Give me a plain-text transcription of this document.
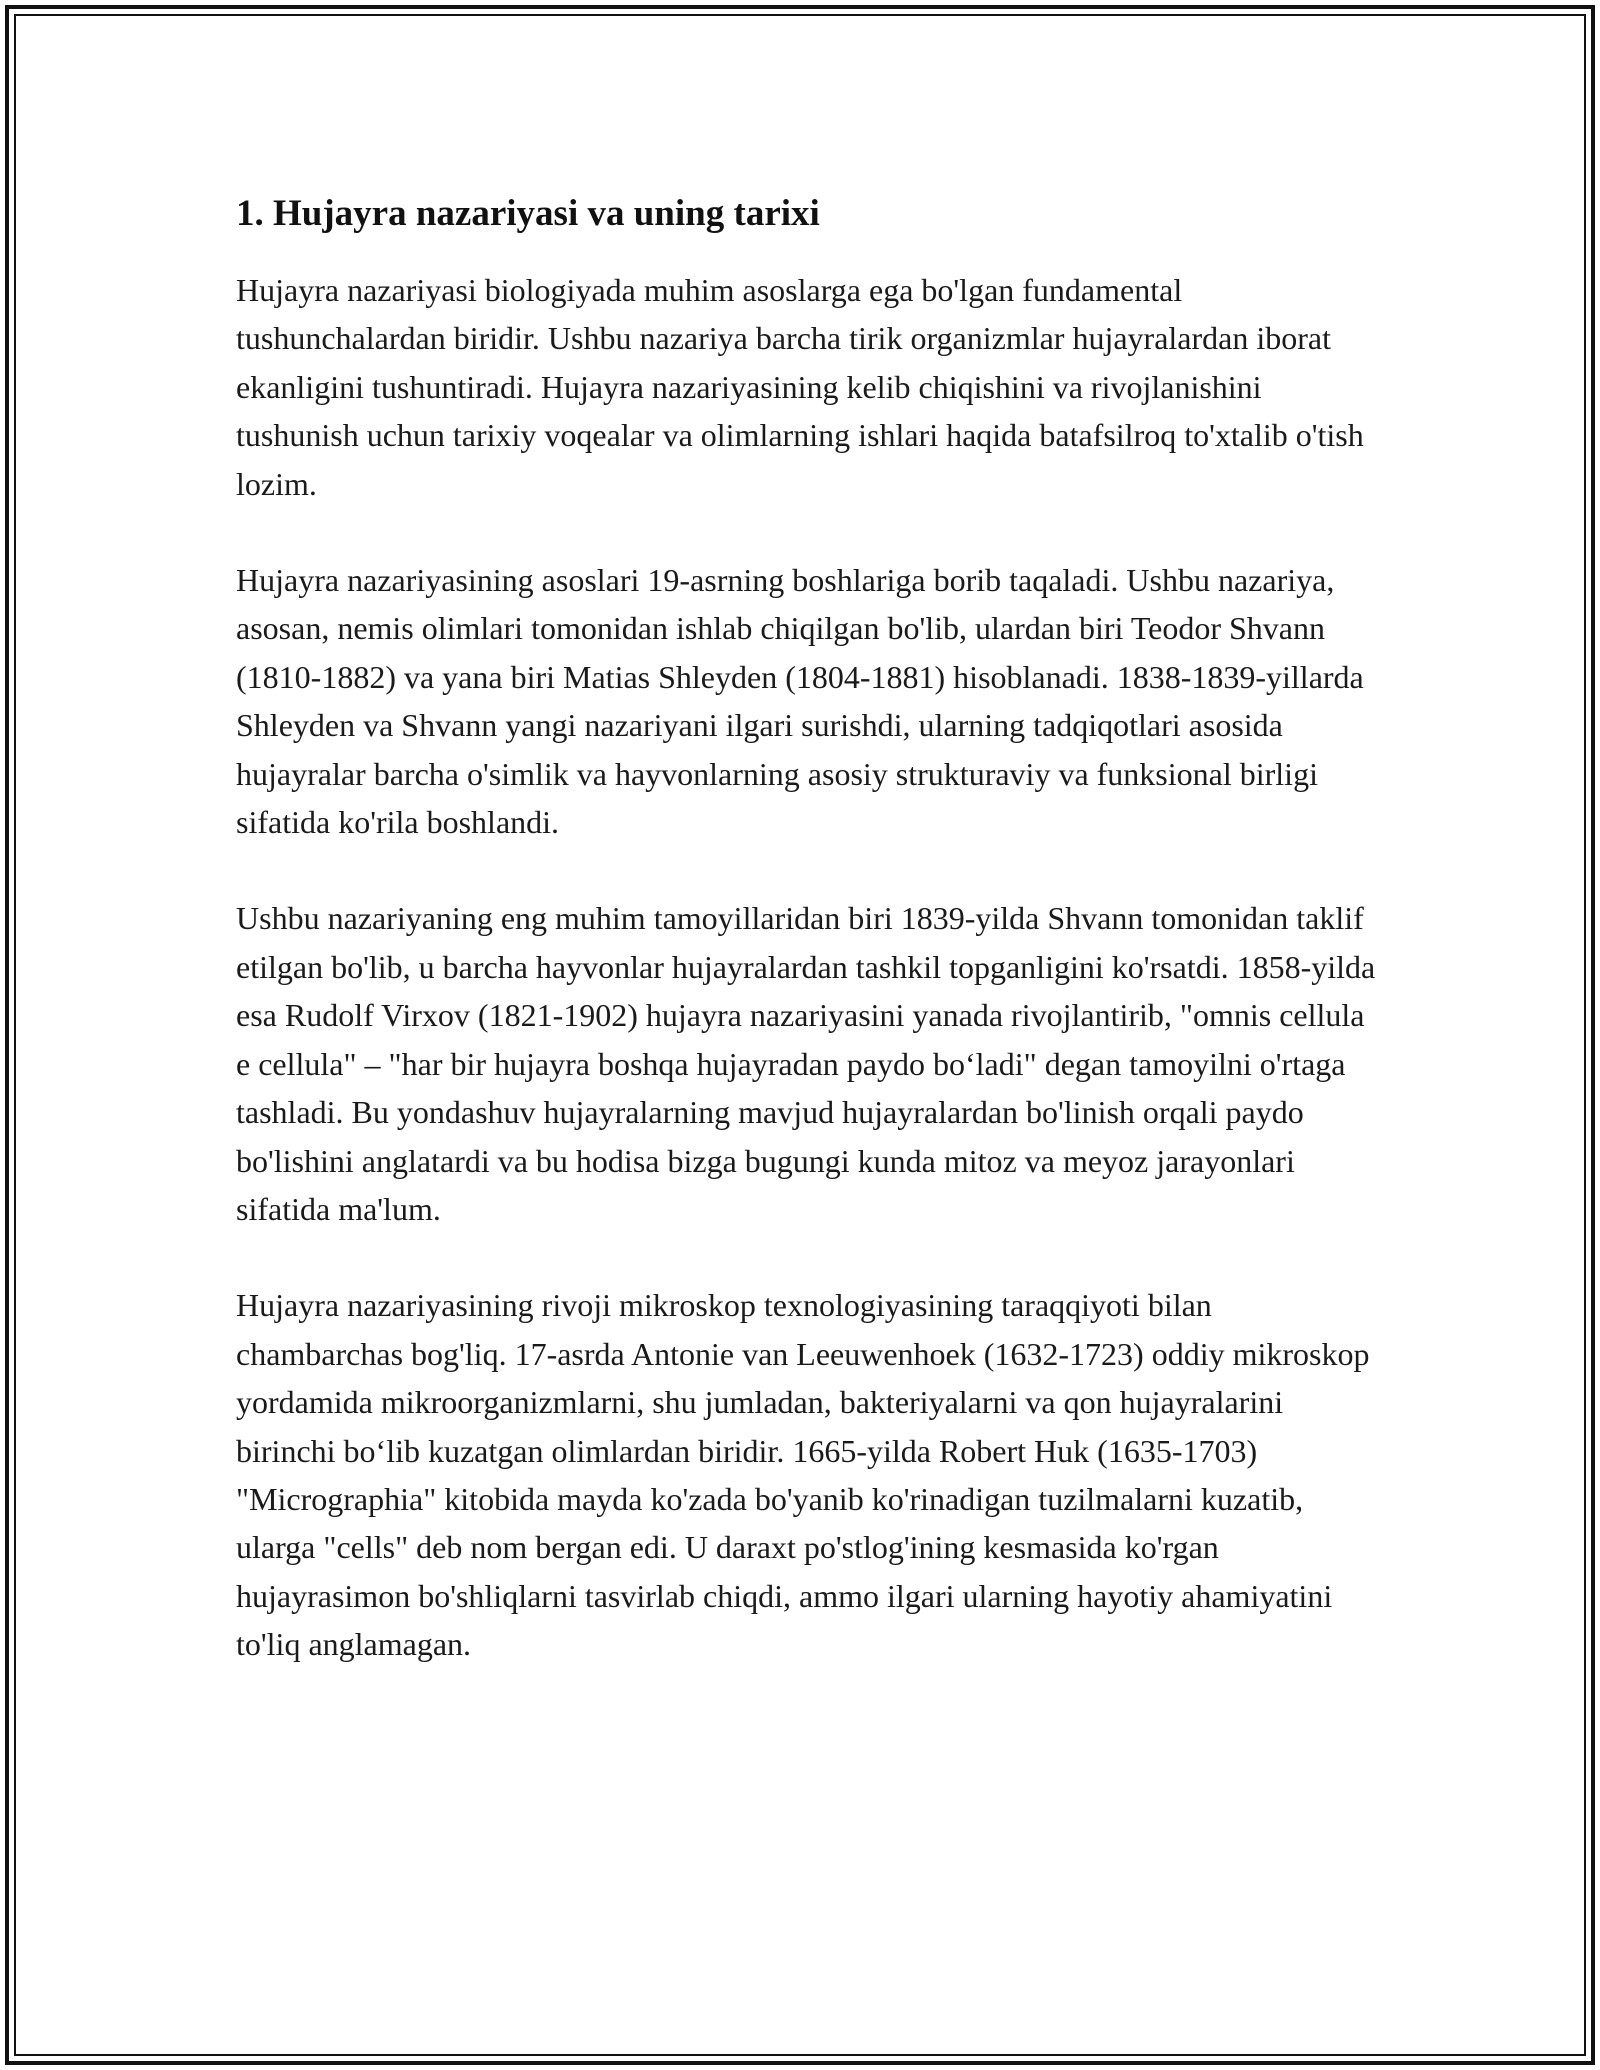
1. Hujayra nazariyasi va uning tarixi

Hujayra nazariyasi biologiyada muhim asoslarga ega bo'lgan fundamental tushunchalardan biridir. Ushbu nazariya barcha tirik organizmlar hujayralardan iborat ekanligini tushuntiradi. Hujayra nazariyasining kelib chiqishini va rivojlanishini tushunish uchun tarixiy voqealar va olimlarning ishlari haqida batafsilroq to'xtalib o'tish lozim.

Hujayra nazariyasining asoslari 19-asrning boshlariga borib taqaladi. Ushbu nazariya, asosan, nemis olimlari tomonidan ishlab chiqilgan bo'lib, ulardan biri Teodor Shvann (1810-1882) va yana biri Matias Shleyden (1804-1881) hisoblanadi. 1838-1839-yillarda Shleyden va Shvann yangi nazariyani ilgari surishdi, ularning tadqiqotlari asosida hujayralar barcha o'simlik va hayvonlarning asosiy strukturaviy va funksional birligi sifatida ko'rila boshlandi.

Ushbu nazariyaning eng muhim tamoyillaridan biri 1839-yilda Shvann tomonidan taklif etilgan bo'lib, u barcha hayvonlar hujayralardan tashkil topganligini ko'rsatdi. 1858-yilda esa Rudolf Virxov (1821-1902) hujayra nazariyasini yanada rivojlantirib, "omnis cellula e cellula" – "har bir hujayra boshqa hujayradan paydo bo‘ladi" degan tamoyilni o'rtaga tashladi. Bu yondashuv hujayralarning mavjud hujayralardan bo'linish orqali paydo bo'lishini anglatardi va bu hodisa bizga bugungi kunda mitoz va meyoz jarayonlari sifatida ma'lum.

Hujayra nazariyasining rivoji mikroskop texnologiyasining taraqqiyoti bilan chambarchas bog'liq. 17-asrda Antonie van Leeuwenhoek (1632-1723) oddiy mikroskop yordamida mikroorganizmlarni, shu jumladan, bakteriyalarni va qon hujayralarini birinchi bo‘lib kuzatgan olimlardan biridir. 1665-yilda Robert Huk (1635-1703) "Micrographia" kitobida mayda ko'zada bo'yanib ko'rinadigan tuzilmalarni kuzatib, ularga "cells" deb nom bergan edi. U daraxt po'stlog'ining kesmasida ko'rgan hujayrasimon bo'shliqlarni tasvirlab chiqdi, ammo ilgari ularning hayotiy ahamiyatini to'liq anglamagan.
